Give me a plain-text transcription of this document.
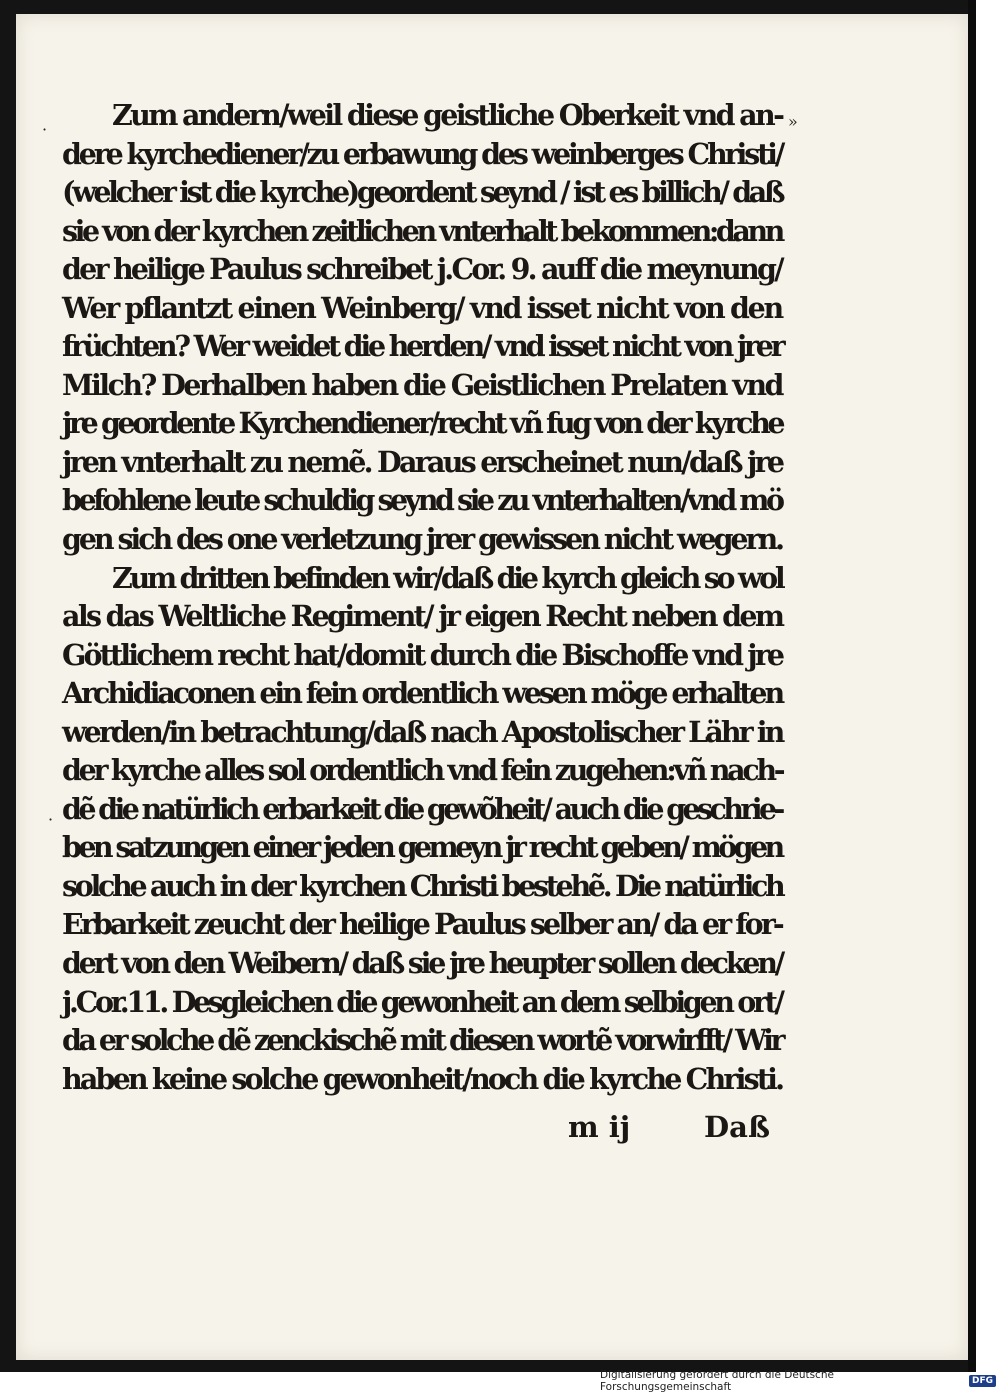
·	»
·
Zum andern/weil diese geistliche Oberkeit vnd an-
dere kyrchediener/zu erbawung des weinberges Christi/
(welcher ist die kyrche)geordent seynd / ist es billich/ daß
sie von der kyrchen zeitlichen vnterhalt bekommen:dann
der heilige Paulus schreibet j.Cor. 9. auff die meynung/
Wer pflantzt einen Weinberg/ vnd isset nicht von den
früchten? Wer weidet die herden/ vnd isset nicht von jrer
Milch? Derhalben haben die Geistlichen Prelaten vnd
jre geordente Kyrchendiener/recht vñ fug von der kyrche
jren vnterhalt zu nemẽ. Daraus erscheinet nun/daß jre
befohlene leute schuldig seynd sie zu vnterhalten/vnd mö
gen sich des one verletzung jrer gewissen nicht wegern.
Zum dritten befinden wir/daß die kyrch gleich so wol
als das Weltliche Regiment/ jr eigen Recht neben dem
Göttlichem recht hat/domit durch die Bischoffe vnd jre
Archidiaconen ein fein ordentlich wesen möge erhalten
werden/in betrachtung/daß nach Apostolischer Lähr in
der kyrche alles sol ordentlich vnd fein zugehen:vñ nach-
dẽ die natürlich erbarkeit die gewõheit/ auch die geschrie-
ben satzungen einer jeden gemeyn jr recht geben/ mögen
solche auch in der kyrchen Christi bestehẽ. Die natürlich
Erbarkeit zeucht der heilige Paulus selber an/ da er for-
dert von den Weibern/ daß sie jre heupter sollen decken/
j.Cor.11. Desgleichen die gewonheit an dem selbigen ort/
da er solche dẽ zenckischẽ mit diesen wortẽ vorwirfft/ Wir
haben keine solche gewonheit/noch die kyrche Christi.
m ij	Daß
Digitalisierung gefördert durch die Deutsche Forschungsgemeinschaft	DFG
